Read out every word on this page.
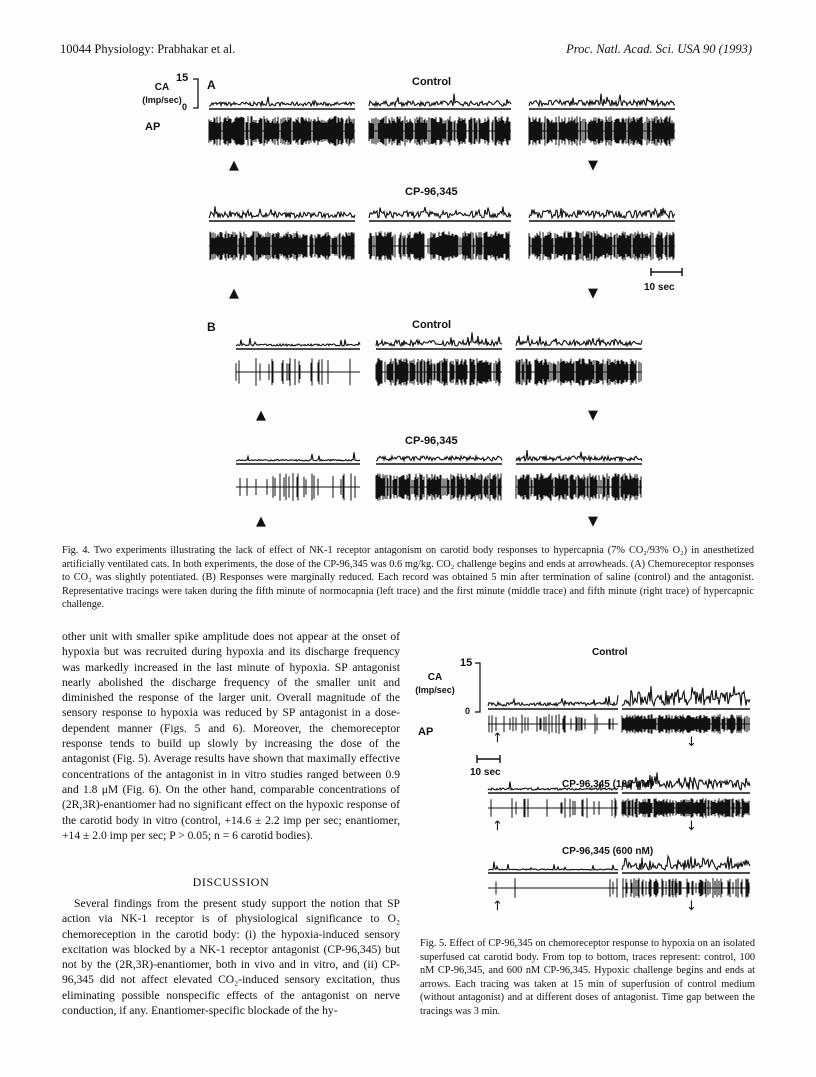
10044 Physiology: Prabhakar et al.	Proc. Natl. Acad. Sci. USA 90 (1993)
15
0
CA
(Imp/sec)
AP
A	Control
CP-96,345
B	Control
CP-96,345
▲	▼
▲	▼
▲	▼
▲	▼
10 sec
Fig. 4. Two experiments illustrating the lack of effect of NK-1 receptor antagonism on carotid body responses to hypercapnia (7% CO₂/93% O₂) in anesthetized artificially ventilated cats. In both experiments, the dose of the CP-96,345 was 0.6 mg/kg. CO₂ challenge begins and ends at arrowheads. (A) Chemoreceptor responses to CO₂ was slightly potentiated. (B) Responses were marginally reduced. Each record was obtained 5 min after termination of saline (control) and the antagonist. Representative tracings were taken during the fifth minute of normocapnia (left trace) and the first minute (middle trace) and fifth minute (right trace) of hypercapnic challenge.
other unit with smaller spike amplitude does not appear at the onset of hypoxia but was recruited during hypoxia and its discharge frequency was markedly increased in the last minute of hypoxia. SP antagonist nearly abolished the discharge frequency of the smaller unit and diminished the response of the larger unit. Overall magnitude of the sensory response to hypoxia was reduced by SP antagonist in a dose-dependent manner (Figs. 5 and 6). Moreover, the chemoreceptor response tends to build up slowly by increasing the dose of the antagonist (Fig. 5). Average results have shown that maximally effective concentrations of the antagonist in in vitro studies ranged between 0.9 and 1.8 μM (Fig. 6). On the other hand, comparable concentrations of (2R,3R)-enantiomer had no significant effect on the hypoxic response of the carotid body in vitro (control, +14.6 ± 2.2 imp per sec; enantiomer, +14 ± 2.0 imp per sec; P > 0.05; n = 6 carotid bodies).
DISCUSSION
Several findings from the present study support the notion that SP action via NK-1 receptor is of physiological significance to O₂ chemoreception in the carotid body: (i) the hypoxia-induced sensory excitation was blocked by a NK-1 receptor antagonist (CP-96,345) but not by the (2R,3R)-enantiomer, both in vivo and in vitro, and (ii) CP-96,345 did not affect elevated CO₂-induced sensory excitation, thus eliminating possible nonspecific effects of the antagonist on nerve conduction, if any. Enantiomer-specific blockade of the hy-
Control
15
0
CA
(Imp/sec)
AP
10 sec
CP-96,345 (100 nM)
CP-96,345 (600 nM)
↑	↓
↑	↓
↑	↓
Fig. 5. Effect of CP-96,345 on chemoreceptor response to hypoxia on an isolated superfused cat carotid body. From top to bottom, traces represent: control, 100 nM CP-96,345, and 600 nM CP-96,345. Hypoxic challenge begins and ends at arrows. Each tracing was taken at 15 min of superfusion of control medium (without antagonist) and at different doses of antagonist. Time gap between the tracings was 3 min.
